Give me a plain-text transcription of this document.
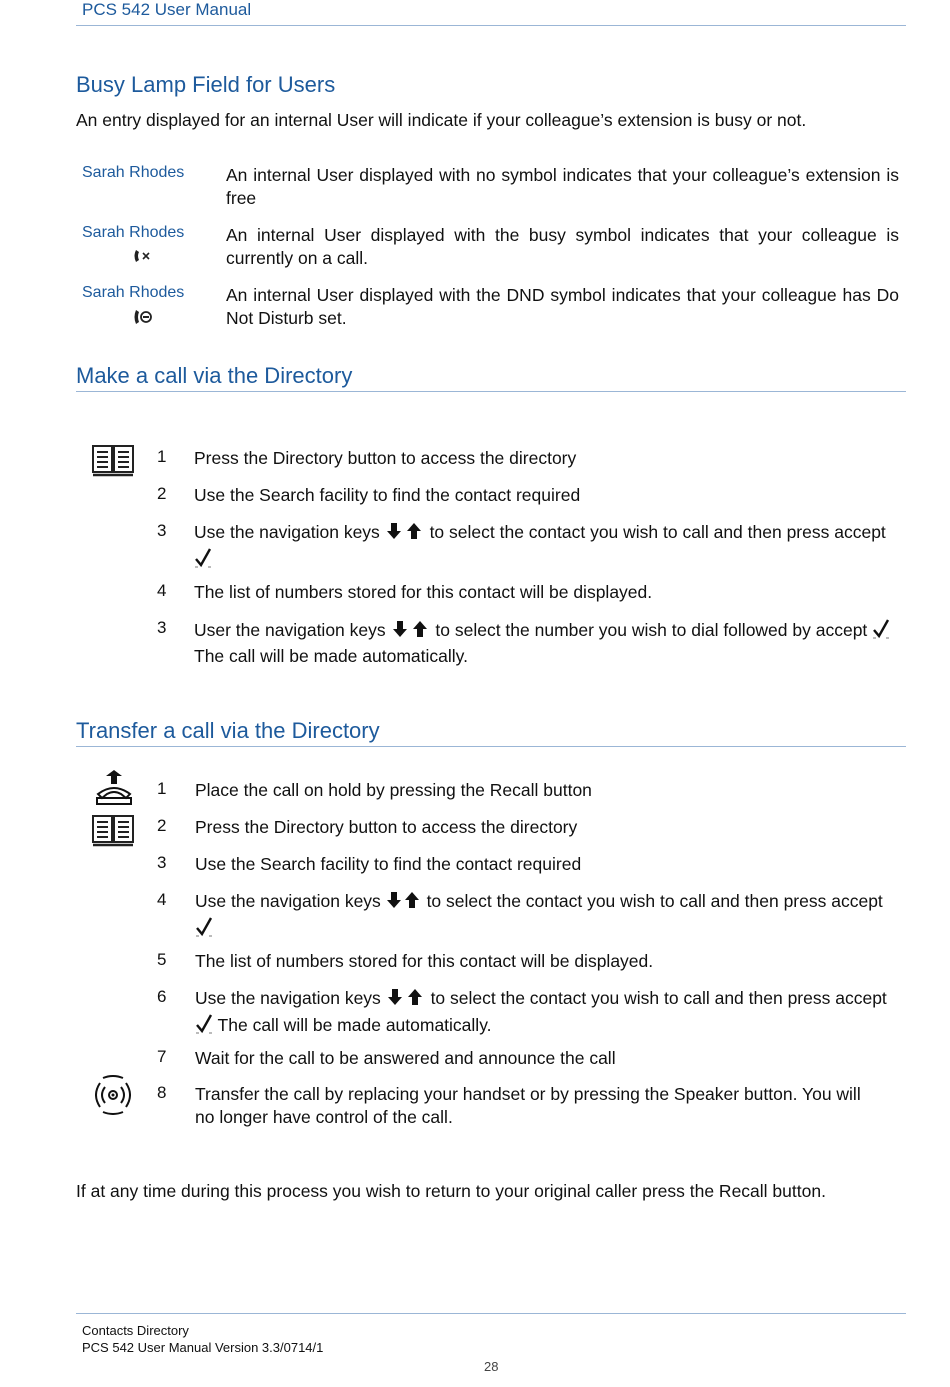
PCS 542 User Manual
Busy Lamp Field for Users
An entry displayed for an internal User will indicate if your colleague’s extension is busy or not.
Sarah Rhodes	An internal User displayed with no symbol indicates that your colleague’s extension is free
Sarah Rhodes	An internal User displayed with the busy symbol indicates that your colleague is currently on a call.
Sarah Rhodes	An internal User displayed with the DND symbol indicates that your colleague has Do Not Disturb set.
Make a call via the Directory
1	Press the Directory button to access the directory
2	Use the Search facility to find the contact required
3	Use the navigation keys	to select the contact you wish to call and then press accept
4	The list of numbers stored for this contact will be displayed.
3	User the navigation keys	to select the number you wish to dial followed by accept  The call will be made automatically.
Transfer a call via the Directory
1	Place the call on hold by pressing the Recall button
2	Press the Directory button to access the directory
3	Use the Search facility to find the contact required
4	Use the navigation keys	to select the contact you wish to call and then press accept
5	The list of numbers stored for this contact will be displayed.
6	Use the navigation keys	to select the contact you wish to call and then press accept  The call will be made automatically.
7	Wait for the call to be answered and announce the call
8	Transfer the call by replacing your handset or by pressing the Speaker button. You will no longer have control of the call.
If at any time during this process you wish to return to your original caller press the Recall button.
Contacts Directory
PCS 542 User Manual Version 3.3/0714/1
28
